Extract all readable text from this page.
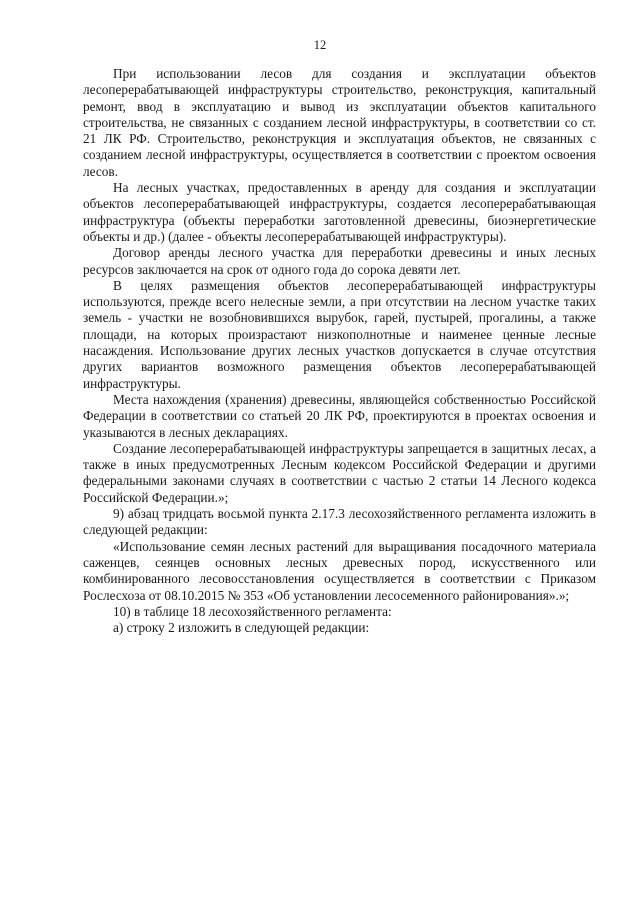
12

При использовании лесов для создания и эксплуатации объектов лесоперерабатывающей инфраструктуры строительство, реконструкция, капитальный ремонт, ввод в эксплуатацию и вывод из эксплуатации объектов капитального строительства, не связанных с созданием лесной инфраструктуры, в соответствии со ст. 21 ЛК РФ. Строительство, реконструкция и эксплуатация объектов, не связанных с созданием лесной инфраструктуры, осуществляется в соответствии с проектом освоения лесов.

На лесных участках, предоставленных в аренду для создания и эксплуатации объектов лесоперерабатывающей инфраструктуры, создается лесоперерабатывающая инфраструктура (объекты переработки заготовленной древесины, биоэнергетические объекты и др.) (далее - объекты лесоперерабатывающей инфраструктуры).

Договор аренды лесного участка для переработки древесины и иных лесных ресурсов заключается на срок от одного года до сорока девяти лет.

В целях размещения объектов лесоперерабатывающей инфраструктуры используются, прежде всего нелесные земли, а при отсутствии на лесном участке таких земель - участки не возобновившихся вырубок, гарей, пустырей, прогалины, а также площади, на которых произрастают низкополнотные и наименее ценные лесные насаждения. Использование других лесных участков допускается в случае отсутствия других вариантов возможного размещения объектов лесоперерабатывающей инфраструктуры.

Места нахождения (хранения) древесины, являющейся собственностью Российской Федерации в соответствии со статьей 20 ЛК РФ, проектируются в проектах освоения и указываются в лесных декларациях.

Создание лесоперерабатывающей инфраструктуры запрещается в защитных лесах, а также в иных предусмотренных Лесным кодексом Российской Федерации и другими федеральными законами случаях в соответствии с частью 2 статьи 14 Лесного кодекса Российской Федерации.»;

9) абзац тридцать восьмой пункта 2.17.3 лесохозяйственного регламента изложить в следующей редакции:

«Использование семян лесных растений для выращивания посадочного материала саженцев, сеянцев основных лесных древесных пород, искусственного или комбинированного лесовосстановления осуществляется в соответствии с Приказом Рослесхоза от 08.10.2015 № 353 «Об установлении лесосеменного районирования».»;

10) в таблице 18 лесохозяйственного регламента:

а) строку 2 изложить в следующей редакции:
